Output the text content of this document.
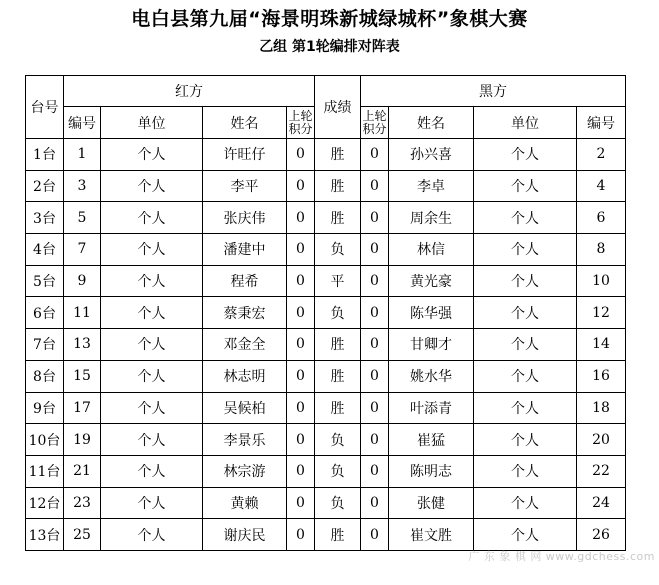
电白县第九届“海景明珠新城绿城杯”象棋大赛
乙组 第1轮编排对阵表
台号	红方				成绩	黑方			
	编号	单位	姓名	上轮积分		上轮积分	姓名	单位	编号
1台	1	个人	许旺仔	0	胜	0	孙兴喜	个人	2
2台	3	个人	李平	0	胜	0	李卓	个人	4
3台	5	个人	张庆伟	0	胜	0	周余生	个人	6
4台	7	个人	潘建中	0	负	0	林信	个人	8
5台	9	个人	程希	0	平	0	黄光豪	个人	10
6台	11	个人	蔡秉宏	0	负	0	陈华强	个人	12
7台	13	个人	邓金全	0	胜	0	甘卿才	个人	14
8台	15	个人	林志明	0	胜	0	姚水华	个人	16
9台	17	个人	吴候柏	0	胜	0	叶添青	个人	18
10台	19	个人	李景乐	0	负	0	崔猛	个人	20
11台	21	个人	林宗游	0	负	0	陈明志	个人	22
12台	23	个人	黄赖	0	负	0	张健	个人	24
13台	25	个人	谢庆民	0	胜	0	崔文胜	个人	26
广 东 象 棋 网 www.gdchess.com
